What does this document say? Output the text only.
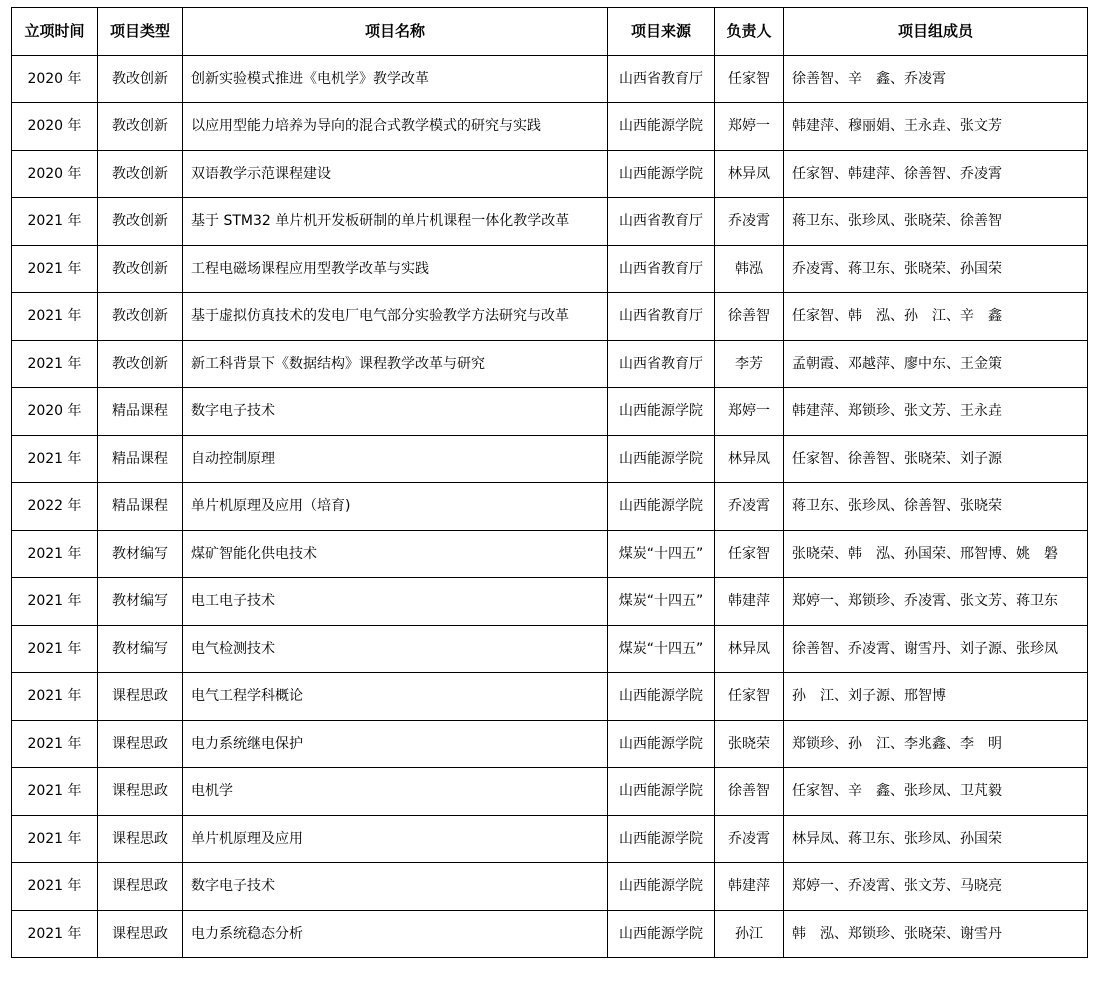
立项时间	项目类型	项目名称	项目来源	负责人	项目组成员
2020 年	教改创新	创新实验模式推进《电机学》教学改革	山西省教育厅	任家智	徐善智、辛　鑫、乔凌霄
2020 年	教改创新	以应用型能力培养为导向的混合式教学模式的研究与实践	山西能源学院	郑婷一	韩建萍、穆丽娟、王永垚、张文芳
2020 年	教改创新	双语教学示范课程建设	山西能源学院	林异凤	任家智、韩建萍、徐善智、乔凌霄
2021 年	教改创新	基于 STM32 单片机开发板研制的单片机课程一体化教学改革	山西省教育厅	乔凌霄	蒋卫东、张珍凤、张晓荣、徐善智
2021 年	教改创新	工程电磁场课程应用型教学改革与实践	山西省教育厅	韩泓	乔凌霄、蒋卫东、张晓荣、孙国荣
2021 年	教改创新	基于虚拟仿真技术的发电厂电气部分实验教学方法研究与改革	山西省教育厅	徐善智	任家智、韩　泓、孙　江、辛　鑫
2021 年	教改创新	新工科背景下《数据结构》课程教学改革与研究	山西省教育厅	李芳	孟朝霞、邓越萍、廖中东、王金策
2020 年	精品课程	数字电子技术	山西能源学院	郑婷一	韩建萍、郑锁珍、张文芳、王永垚
2021 年	精品课程	自动控制原理	山西能源学院	林异凤	任家智、徐善智、张晓荣、刘子源
2022 年	精品课程	单片机原理及应用（培育)	山西能源学院	乔凌霄	蒋卫东、张珍凤、徐善智、张晓荣
2021 年	教材编写	煤矿智能化供电技术	煤炭“十四五”	任家智	张晓荣、韩　泓、孙国荣、邢智博、姚　磐
2021 年	教材编写	电工电子技术	煤炭“十四五”	韩建萍	郑婷一、郑锁珍、乔凌霄、张文芳、蒋卫东
2021 年	教材编写	电气检测技术	煤炭“十四五”	林异凤	徐善智、乔凌霄、谢雪丹、刘子源、张珍凤
2021 年	课程思政	电气工程学科概论	山西能源学院	任家智	孙　江、刘子源、邢智博
2021 年	课程思政	电力系统继电保护	山西能源学院	张晓荣	郑锁珍、孙　江、李兆鑫、李　明
2021 年	课程思政	电机学	山西能源学院	徐善智	任家智、辛　鑫、张珍凤、卫芃毅
2021 年	课程思政	单片机原理及应用	山西能源学院	乔凌霄	林异凤、蒋卫东、张珍凤、孙国荣
2021 年	课程思政	数字电子技术	山西能源学院	韩建萍	郑婷一、乔凌霄、张文芳、马晓亮
2021 年	课程思政	电力系统稳态分析	山西能源学院	孙江	韩　泓、郑锁珍、张晓荣、谢雪丹
